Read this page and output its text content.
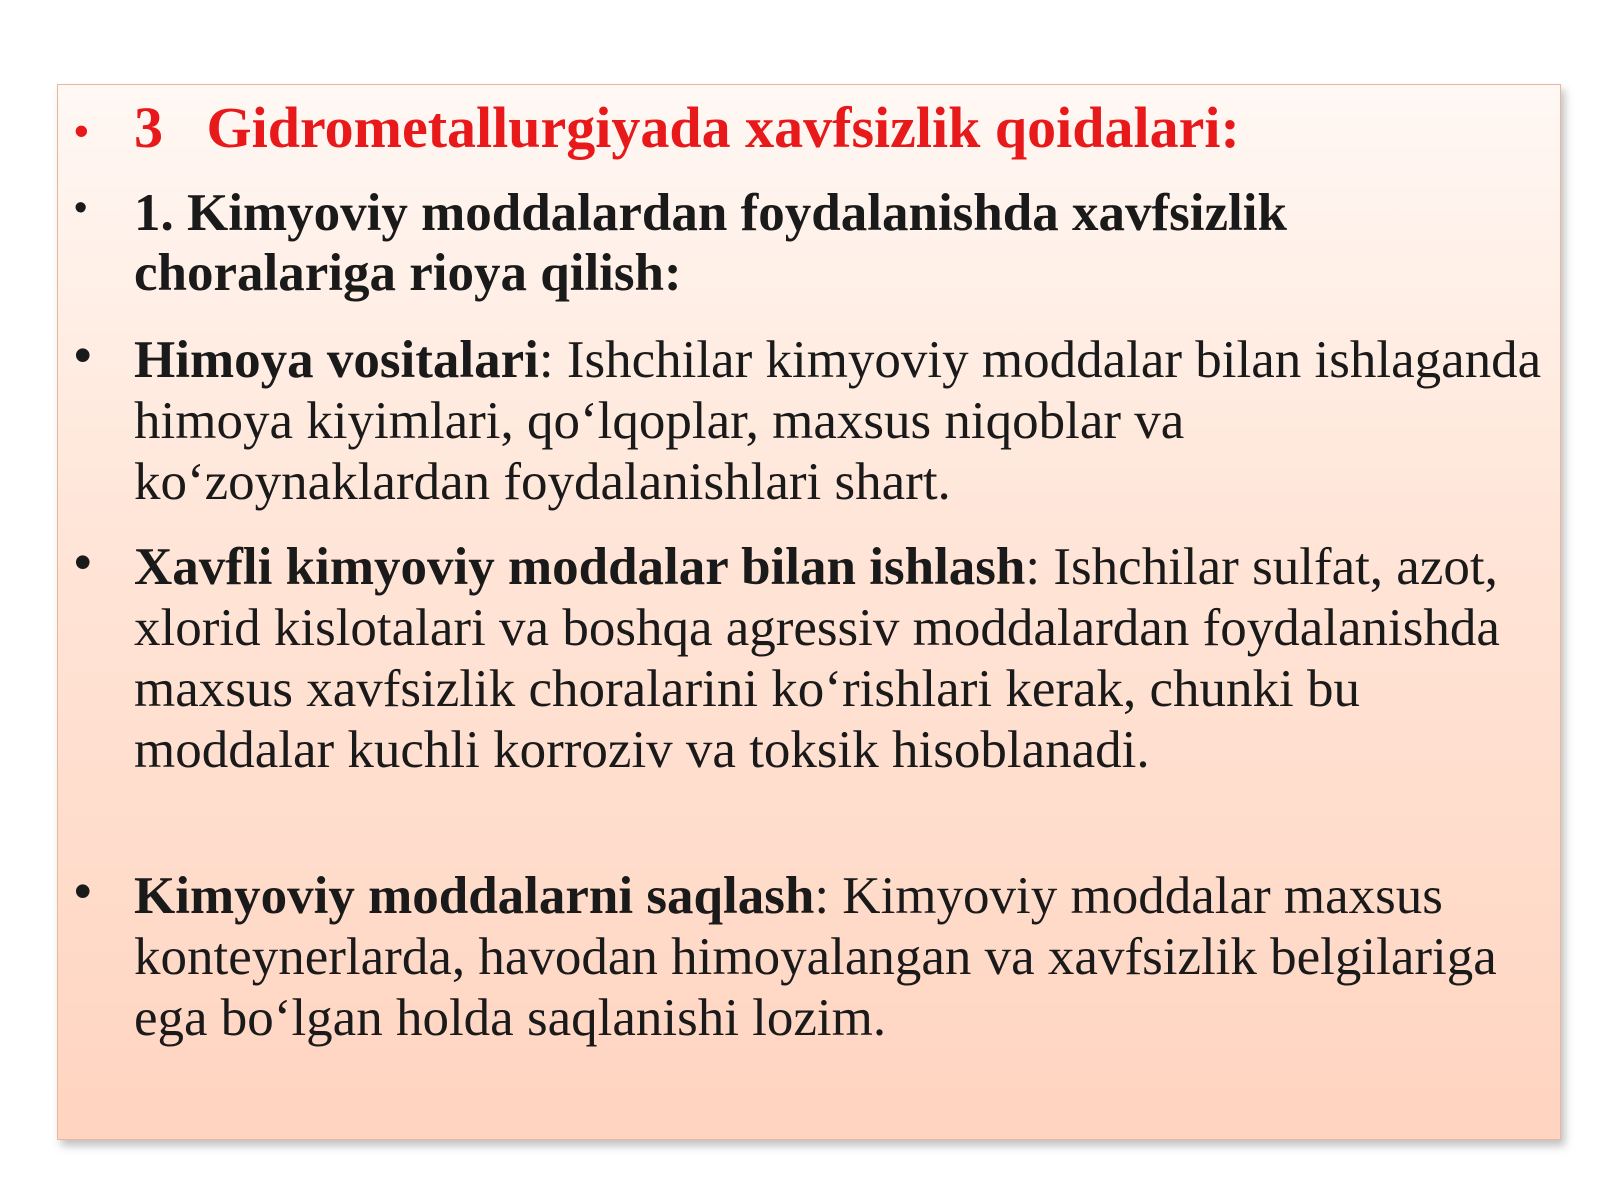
• 3   Gidrometallurgiyada xavfsizlik qoidalari:

• 1. Kimyoviy moddalardan foydalanishda xavfsizlik choralariga rioya qilish:

• Himoya vositalari: Ishchilar kimyoviy moddalar bilan ishlaganda himoya kiyimlari, qo‘lqoplar, maxsus niqoblar va ko‘zoynaklardan foydalanishlari shart.

• Xavfli kimyoviy moddalar bilan ishlash: Ishchilar sulfat, azot, xlorid kislotalari va boshqa agressiv moddalardan foydalanishda maxsus xavfsizlik choralarini ko‘rishlari kerak, chunki bu moddalar kuchli korroziv va toksik hisoblanadi.

• Kimyoviy moddalarni saqlash: Kimyoviy moddalar maxsus konteynerlarda, havodan himoyalangan va xavfsizlik belgilariga ega bo‘lgan holda saqlanishi lozim.
